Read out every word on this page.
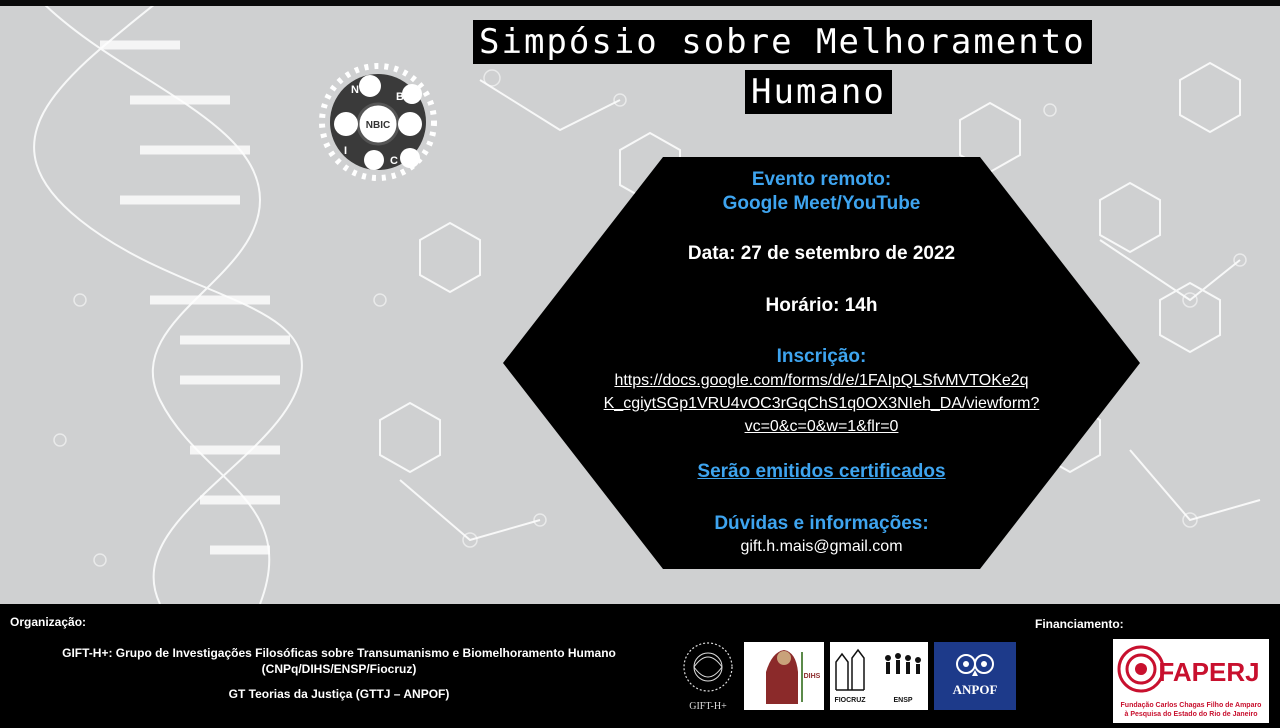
NBIC
N
B
I
C
Simpósio sobre Melhoramento
Humano
Evento remoto:
Google Meet/YouTube
Data: 27 de setembro de 2022
Horário: 14h
Inscrição:
https://docs.google.com/forms/d/e/1FAIpQLSfvMVTOKe2q
K_cgiytSGp1VRU4vOC3rGqChS1q0OX3NIeh_DA/viewform?
vc=0&c=0&w=1&flr=0
Serão emitidos certificados
Dúvidas e informações:
gift.h.mais@gmail.com
Organização:
GIFT-H+: Grupo de Investigações Filosóficas sobre Transumanismo e Biomelhoramento Humano
(CNPq/DIHS/ENSP/Fiocruz)
GT Teorias da Justiça (GTTJ – ANPOF)
Financiamento:
GIFT-H+
DIHS
FIOCRUZ	ENSP
ANPOF
FAPERJ
Fundação Carlos Chagas Filho de Amparo
à Pesquisa do Estado do Rio de Janeiro
